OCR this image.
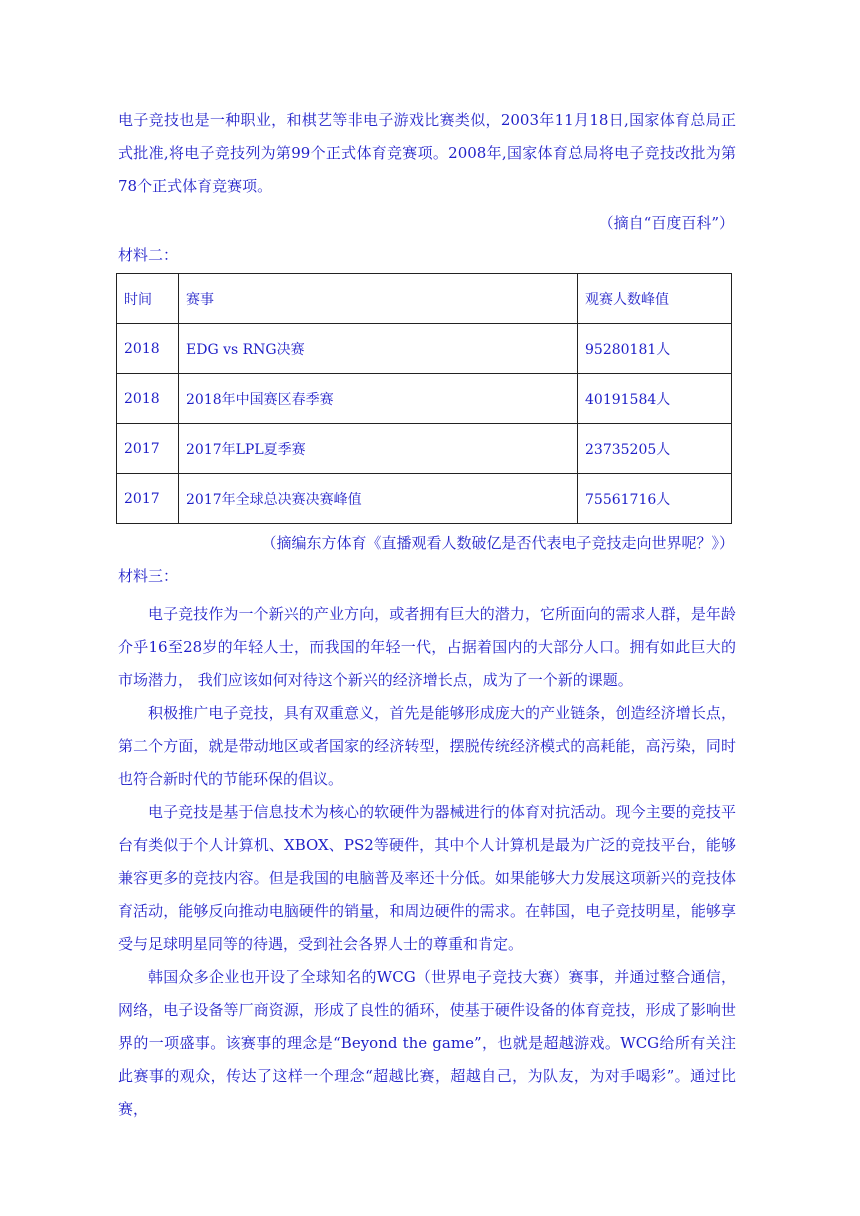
电子竞技也是一种职业，和棋艺等非电子游戏比赛类似，2003年11月18日,国家体育总局正式批准,将电子竞技列为第99个正式体育竞赛项。2008年,国家体育总局将电子竞技改批为第78个正式体育竞赛项。
（摘自“百度百科”）
材料二：
时间	赛事	观赛人数峰值
2018	EDG vs RNG决赛	95280181人
2018	2018年中国赛区春季赛	40191584人
2017	2017年LPL夏季赛	23735205人
2017	2017年全球总决赛决赛峰值	75561716人
（摘编东方体育《直播观看人数破亿是否代表电子竞技走向世界呢？》）
材料三：
电子竞技作为一个新兴的产业方向，或者拥有巨大的潜力，它所面向的需求人群，是年龄介乎16至28岁的年轻人士，而我国的年轻一代，占据着国内的大部分人口。拥有如此巨大的市场潜力， 我们应该如何对待这个新兴的经济增长点，成为了一个新的课题。
积极推广电子竞技，具有双重意义，首先是能够形成庞大的产业链条，创造经济增长点，第二个方面，就是带动地区或者国家的经济转型，摆脱传统经济模式的高耗能，高污染，同时也符合新时代的节能环保的倡议。
电子竞技是基于信息技术为核心的软硬件为器械进行的体育对抗活动。现今主要的竞技平台有类似于个人计算机、XBOX、PS2等硬件，其中个人计算机是最为广泛的竞技平台，能够兼容更多的竞技内容。但是我国的电脑普及率还十分低。如果能够大力发展这项新兴的竞技体育活动，能够反向推动电脑硬件的销量，和周边硬件的需求。在韩国，电子竞技明星，能够享受与足球明星同等的待遇，受到社会各界人士的尊重和肯定。
韩国众多企业也开设了全球知名的WCG（世界电子竞技大赛）赛事，并通过整合通信，网络，电子设备等厂商资源，形成了良性的循环，使基于硬件设备的体育竞技，形成了影响世界的一项盛事。该赛事的理念是“Beyond the game”，也就是超越游戏。WCG给所有关注此赛事的观众，传达了这样一个理念“超越比赛，超越自己，为队友，为对手喝彩”。通过比赛，
